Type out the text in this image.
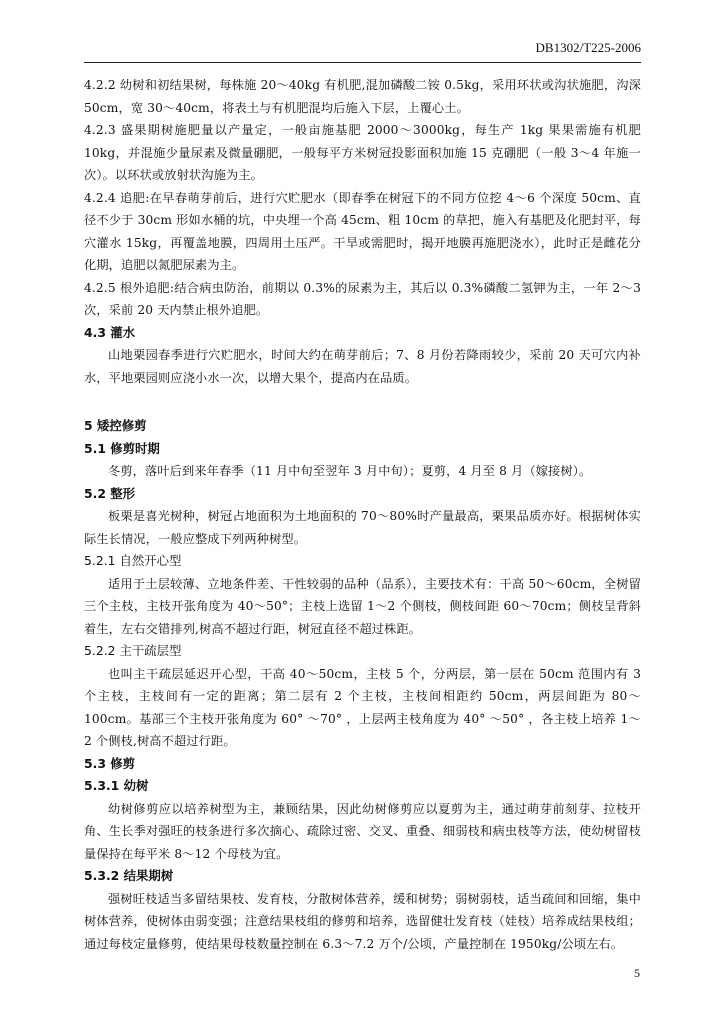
DB1302/T225-2006

4.2.2 幼树和初结果树，每株施 20～40kg 有机肥,混加磷酸二铵 0.5kg，采用环状或沟状施肥，沟深 50cm，宽 30～40cm，将表土与有机肥混均后施入下层，上覆心土。

4.2.3 盛果期树施肥量以产量定，一般亩施基肥 2000～3000kg，每生产 1kg 果果需施有机肥 10kg，并混施少量尿素及微量硼肥，一般每平方米树冠投影面积加施 15 克硼肥（一般 3～4 年施一次）。以环状或放射状沟施为主。

4.2.4 追肥:在早春萌芽前后，进行穴贮肥水（即春季在树冠下的不同方位挖 4～6 个深度 50cm、直径不少于 30cm 形如水桶的坑，中央埋一个高 45cm、粗 10cm 的草把，施入有基肥及化肥封平，每穴灌水 15kg，再覆盖地膜，四周用土压严。干旱或需肥时，揭开地膜再施肥浇水），此时正是雌花分化期，追肥以氮肥尿素为主。

4.2.5 根外追肥:结合病虫防治，前期以 0.3%的尿素为主，其后以 0.3%磷酸二氢钾为主，一年 2～3 次，采前 20 天内禁止根外追肥。

4.3 灌水

山地栗园春季进行穴贮肥水，时间大约在萌芽前后；7、8 月份若降雨较少，采前 20 天可穴内补水，平地栗园则应浇小水一次，以增大果个，提高内在品质。

5 矮控修剪
5.1 修剪时期

冬剪，落叶后到来年春季（11 月中旬至翌年 3 月中旬）；夏剪，4 月至 8 月（嫁接树）。

5.2 整形

板栗是喜光树种，树冠占地面积为土地面积的 70～80%时产量最高，栗果品质亦好。根据树体实际生长情况，一般应整成下列两种树型。

5.2.1 自然开心型

适用于土层较薄、立地条件差、干性较弱的品种（品系），主要技术有：干高 50～60cm，全树留三个主枝，主枝开张角度为 40～50°；主枝上选留 1～2 个侧枝，侧枝间距 60～70cm；侧枝呈背斜着生，左右交错排列,树高不超过行距，树冠直径不超过株距。

5.2.2 主干疏层型

也叫主干疏层延迟开心型，干高 40～50cm，主枝 5 个，分两层，第一层在 50cm 范围内有 3 个主枝，主枝间有一定的距离；第二层有 2 个主枝，主枝间相距约 50cm，两层间距为 80～100cm。基部三个主枝开张角度为 60° ～70° ，上层两主枝角度为 40° ～50° ，各主枝上培养 1～2 个侧枝,树高不超过行距。

5.3 修剪
5.3.1 幼树

幼树修剪应以培养树型为主，兼顾结果，因此幼树修剪应以夏剪为主，通过萌芽前刻芽、拉枝开角、生长季对强旺的枝条进行多次摘心、疏除过密、交叉、重叠、细弱枝和病虫枝等方法，使幼树留枝量保持在每平米 8～12 个母枝为宜。

5.3.2 结果期树

强树旺枝适当多留结果枝、发育枝，分散树体营养，缓和树势；弱树弱枝，适当疏间和回缩，集中树体营养，使树体由弱变强；注意结果枝组的修剪和培养，选留健壮发育枝（娃枝）培养成结果枝组；通过每枝定量修剪，使结果母枝数量控制在 6.3～7.2 万个/公顷，产量控制在 1950kg/公顷左右。

5
